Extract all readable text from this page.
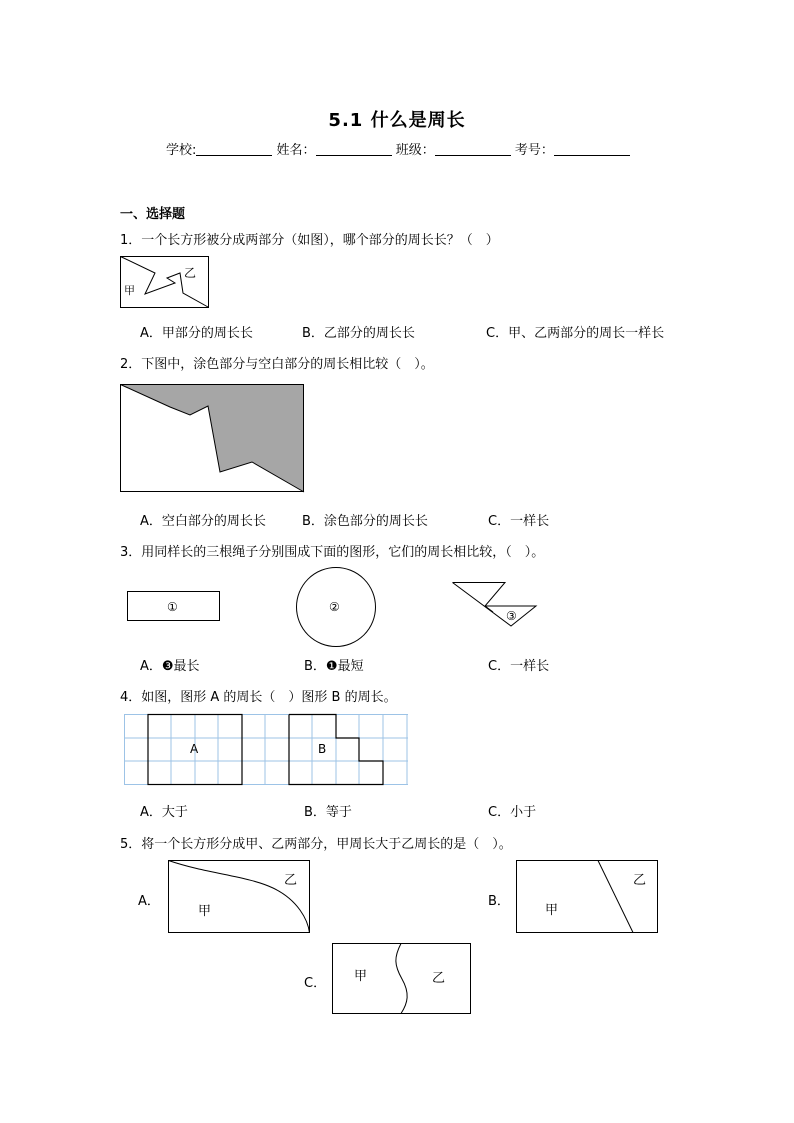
5.1 什么是周长
学校:	姓名：	班级：	考号：
一、选择题
1．一个长方形被分成两部分（如图），哪个部分的周长长？（　）
甲
乙
A．甲部分的周长长	B．乙部分的周长长	C．甲、乙两部分的周长一样长
2．下图中，涂色部分与空白部分的周长相比较（　）。
A．空白部分的周长长	B．涂色部分的周长长	C．一样长
3．用同样长的三根绳子分别围成下面的图形，它们的周长相比较，（　）。
①	②
③
A．❸最长	B．❶最短	C．一样长
4．如图，图形 A 的周长（　）图形 B 的周长。
A	B
A．大于	B．等于	C．小于
5．将一个长方形分成甲、乙两部分，甲周长大于乙周长的是（　）。
A．
甲
乙
B．
甲
乙
C． 甲	乙
